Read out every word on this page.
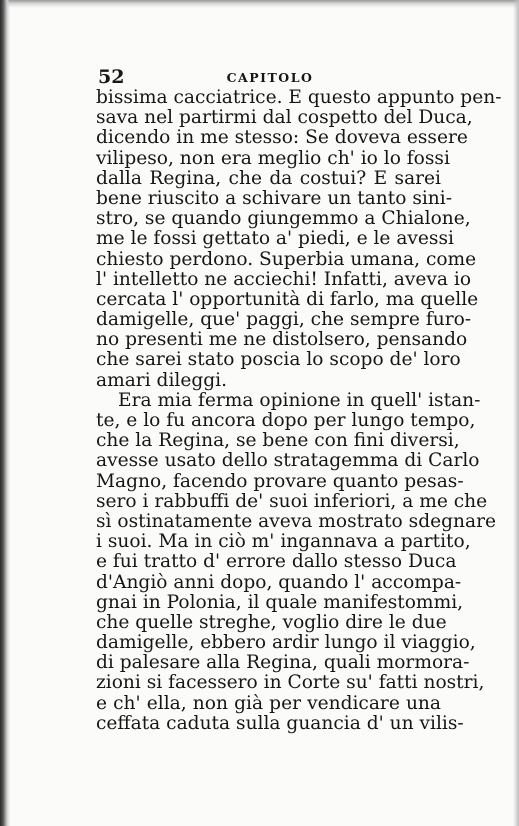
52	CAPITOLO
bissima cacciatrice. E questo appunto pen-
sava nel partirmi dal cospetto del Duca,
dicendo in me stesso: Se doveva essere
vilipeso, non era meglio ch' io lo fossi
dalla Regina, che da costui? E sarei
bene riuscito a schivare un tanto sini-
stro, se quando giungemmo a Chialone,
me le fossi gettato a' piedi, e le avessi
chiesto perdono. Superbia umana, come
l' intelletto ne acciechi! Infatti, aveva io
cercata l' opportunità di farlo, ma quelle
damigelle, que' paggi, che sempre furo-
no presenti me ne distolsero, pensando
che sarei stato poscia lo scopo de' loro
amari dileggi.
Era mia ferma opinione in quell' istan-
te, e lo fu ancora dopo per lungo tempo,
che la Regina, se bene con fini diversi,
avesse usato dello stratagemma di Carlo
Magno, facendo provare quanto pesas-
sero i rabbuffi de' suoi inferiori, a me che
sì ostinatamente aveva mostrato sdegnare
i suoi. Ma in ciò m' ingannava a partito,
e fui tratto d' errore dallo stesso Duca
d'Angiò anni dopo, quando l' accompa-
gnai in Polonia, il quale manifestommi,
che quelle streghe, voglio dire le due
damigelle, ebbero ardir lungo il viaggio,
di palesare alla Regina, quali mormora-
zioni si facessero in Corte su' fatti nostri,
e ch' ella, non già per vendicare una
ceffata caduta sulla guancia d' un vilis-
